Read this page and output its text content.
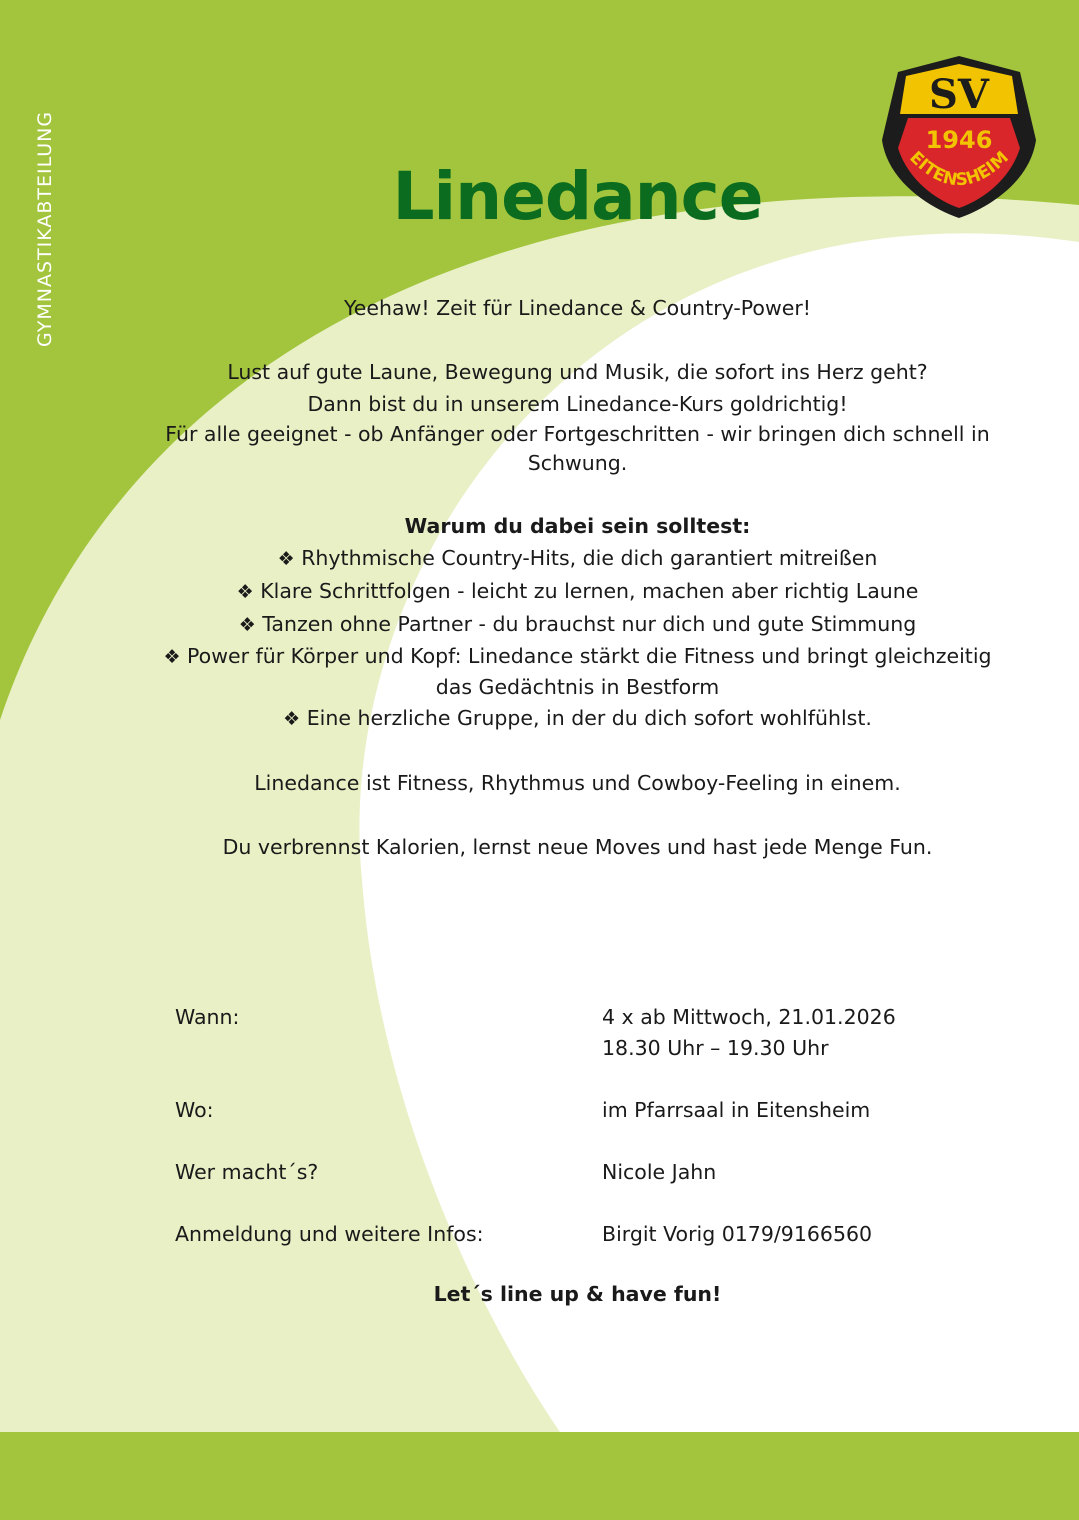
GYMNASTIKABTEILUNG
SV
1946
EITENSHEIM
Linedance

Yeehaw! Zeit für Linedance & Country-Power!

Lust auf gute Laune, Bewegung und Musik, die sofort ins Herz geht?

Dann bist du in unserem Linedance-Kurs goldrichtig!

Für alle geeignet - ob Anfänger oder Fortgeschritten - wir bringen dich schnell in Schwung.

Warum du dabei sein solltest:

❖ Rhythmische Country-Hits, die dich garantiert mitreißen

❖ Klare Schrittfolgen - leicht zu lernen, machen aber richtig Laune

❖ Tanzen ohne Partner - du brauchst nur dich und gute Stimmung

❖ Power für Körper und Kopf: Linedance stärkt die Fitness und bringt gleichzeitig das Gedächtnis in Bestform

❖ Eine herzliche Gruppe, in der du dich sofort wohlfühlst.

Linedance ist Fitness, Rhythmus und Cowboy-Feeling in einem.

Du verbrennst Kalorien, lernst neue Moves und hast jede Menge Fun.

Wann:	4 x ab Mittwoch, 21.01.2026
18.30 Uhr – 19.30 Uhr
Wo:	im Pfarrsaal in Eitensheim
Wer macht´s?	Nicole Jahn
Anmeldung und weitere Infos:	Birgit Vorig 0179/9166560
Let´s line up & have fun!
